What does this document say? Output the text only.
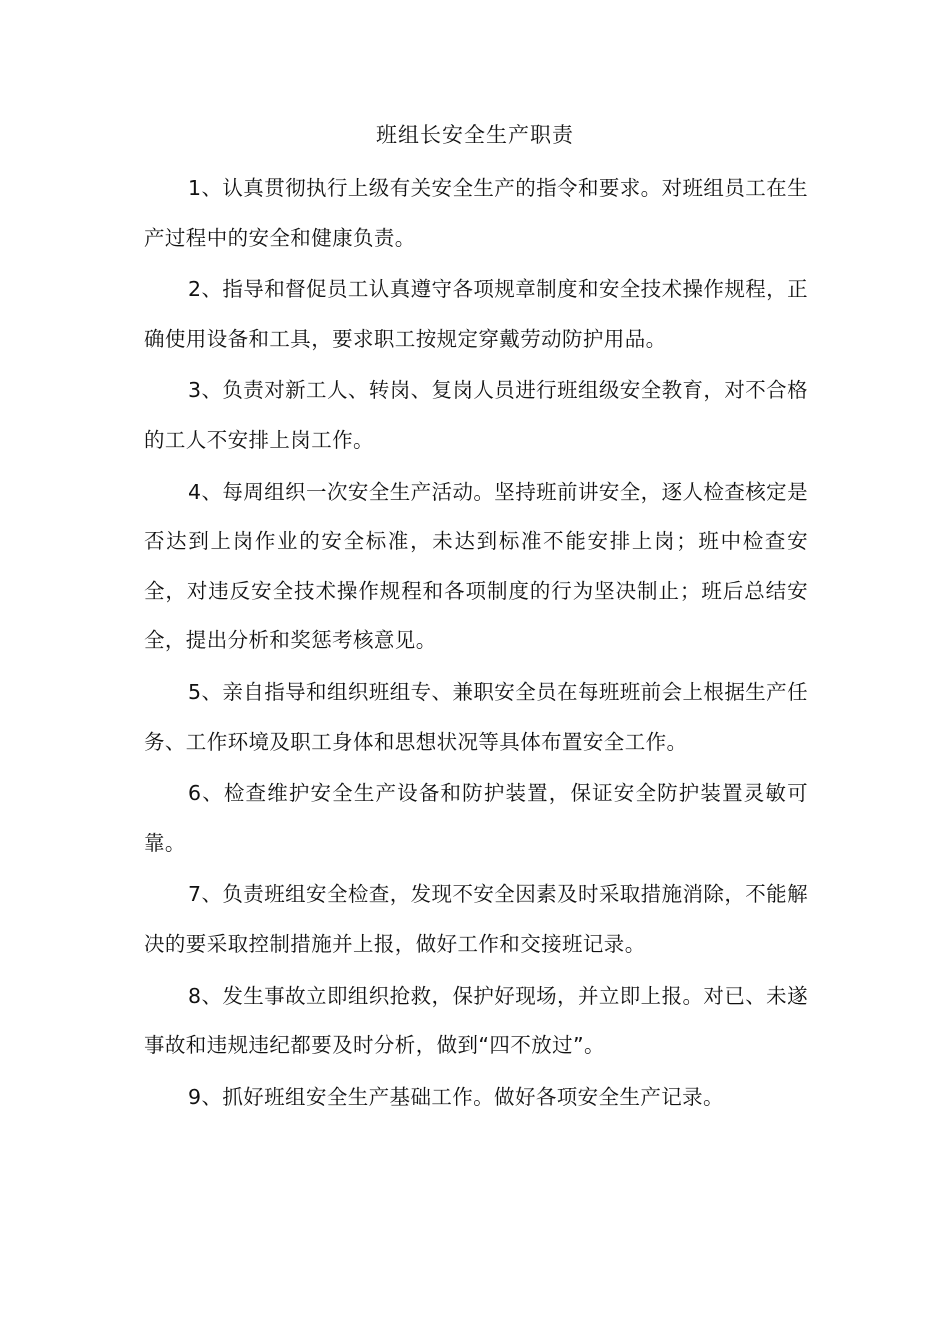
班组长安全生产职责

1、认真贯彻执行上级有关安全生产的指令和要求。对班组员工在生产过程中的安全和健康负责。

2、指导和督促员工认真遵守各项规章制度和安全技术操作规程，正确使用设备和工具，要求职工按规定穿戴劳动防护用品。

3、负责对新工人、转岗、复岗人员进行班组级安全教育，对不合格的工人不安排上岗工作。

4、每周组织一次安全生产活动。坚持班前讲安全，逐人检查核定是否达到上岗作业的安全标准，未达到标准不能安排上岗；班中检查安全，对违反安全技术操作规程和各项制度的行为坚决制止；班后总结安全，提出分析和奖惩考核意见。

5、亲自指导和组织班组专、兼职安全员在每班班前会上根据生产任务、工作环境及职工身体和思想状况等具体布置安全工作。

6、检查维护安全生产设备和防护装置，保证安全防护装置灵敏可靠。

7、负责班组安全检查，发现不安全因素及时采取措施消除，不能解决的要采取控制措施并上报，做好工作和交接班记录。

8、发生事故立即组织抢救，保护好现场，并立即上报。对已、未遂事故和违规违纪都要及时分析，做到“四不放过”。

9、抓好班组安全生产基础工作。做好各项安全生产记录。
